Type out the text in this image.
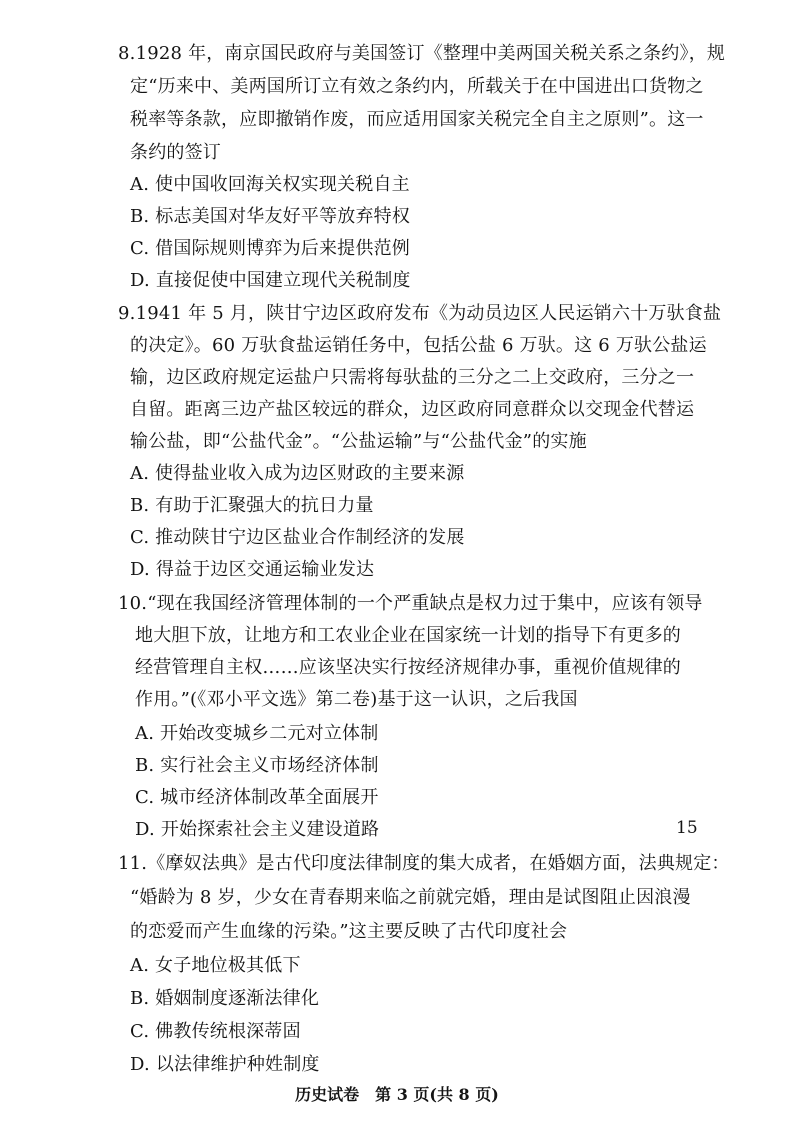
8.1928 年，南京国民政府与美国签订《整理中美两国关税关系之条约》，规
定“历来中、美两国所订立有效之条约内，所载关于在中国进出口货物之
税率等条款，应即撤销作废，而应适用国家关税完全自主之原则”。这一
条约的签订
A. 使中国收回海关权实现关税自主
B. 标志美国对华友好平等放弃特权
C. 借国际规则博弈为后来提供范例
D. 直接促使中国建立现代关税制度
9.1941 年 5 月，陕甘宁边区政府发布《为动员边区人民运销六十万驮食盐
的决定》。60 万驮食盐运销任务中，包括公盐 6 万驮。这 6 万驮公盐运
输，边区政府规定运盐户只需将每驮盐的三分之二上交政府，三分之一
自留。距离三边产盐区较远的群众，边区政府同意群众以交现金代替运
输公盐，即“公盐代金”。“公盐运输”与“公盐代金”的实施
A. 使得盐业收入成为边区财政的主要来源
B. 有助于汇聚强大的抗日力量
C. 推动陕甘宁边区盐业合作制经济的发展
D. 得益于边区交通运输业发达
10.“现在我国经济管理体制的一个严重缺点是权力过于集中，应该有领导
地大胆下放，让地方和工农业企业在国家统一计划的指导下有更多的
经营管理自主权……应该坚决实行按经济规律办事，重视价值规律的
作用。”(《邓小平文选》第二卷)基于这一认识，之后我国
A. 开始改变城乡二元对立体制
B. 实行社会主义市场经济体制
C. 城市经济体制改革全面展开
D. 开始探索社会主义建设道路	15
11.《摩奴法典》是古代印度法律制度的集大成者，在婚姻方面，法典规定：
“婚龄为 8 岁，少女在青春期来临之前就完婚，理由是试图阻止因浪漫
的恋爱而产生血缘的污染。”这主要反映了古代印度社会
A. 女子地位极其低下
B. 婚姻制度逐渐法律化
C. 佛教传统根深蒂固
D. 以法律维护种姓制度
历史试卷　第 3 页(共 8 页)
